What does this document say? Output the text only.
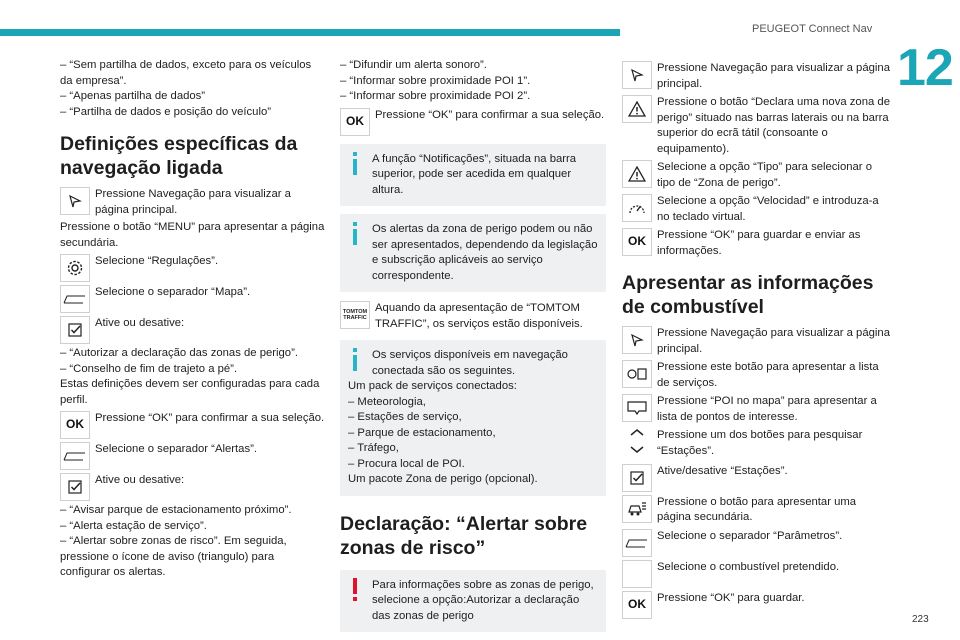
PEUGEOT Connect Nav
12
223

– “Sem partilha de dados, exceto para os veículos da empresa”.

– “Apenas partilha de dados”

– “Partilha de dados e posição do veículo”

Definições específicas da navegação ligada
Pressione Navegação para visualizar a página principal.

Pressione o botão “MENU” para apresentar a página secundária.

Selecione “Regulações”.
Selecione o separador “Mapa”.
Ative ou desative:

– “Autorizar a declaração das zonas de perigo”.

– “Conselho de fim de trajeto a pé”.

Estas definições devem ser configuradas para cada perfil.

OK Pressione “OK” para confirmar a sua seleção.
Selecione o separador “Alertas”.
Ative ou desative:

– “Avisar parque de estacionamento próximo”.

– “Alerta estação de serviço”.

– “Alertar sobre zonas de risco”. Em seguida, pressione o ícone de aviso (triangulo) para configurar os alertas.

– “Difundir um alerta sonoro”.

– “Informar sobre proximidade POI 1”.

– “Informar sobre proximidade POI 2”.

OK Pressione “OK” para confirmar a sua seleção.
A função “Notificações”, situada na barra superior, pode ser acedida em qualquer altura.
Os alertas da zona de perigo podem ou não ser apresentados, dependendo da legislação e subscrição aplicáveis ao serviço correspondente.
TOMTOM TRAFFIC
Aquando da apresentação de “TOMTOM TRAFFIC”, os serviços estão disponíveis.
Os serviços disponíveis em navegação conectada são os seguintes.
Um pack de serviços conectados:
– Meteorologia,
– Estações de serviço,
– Parque de estacionamento,
– Tráfego,
– Procura local de POI.
Um pacote Zona de perigo (opcional).
Declaração: “Alertar sobre zonas de risco”
Para informações sobre as zonas de perigo, selecione a opção:Autorizar a declaração das zonas de perigo
Pressione Navegação para visualizar a página principal.
Pressione o botão “Declara uma nova zona de perigo” situado nas barras laterais ou na barra superior do ecrã tátil (consoante o equipamento).
Selecione a opção “Tipo” para selecionar o tipo de “Zona de perigo”.
Selecione a opção “Velocidad” e introduza-a no teclado virtual.
OK Pressione “OK” para guardar e enviar as informações.
Apresentar as informações de combustível
Pressione Navegação para visualizar a página principal.
Pressione este botão para apresentar a lista de serviços.
Pressione “POI no mapa” para apresentar a lista de pontos de interesse.
Pressione um dos botões para pesquisar “Estações”.
Ative/desative “Estações”.
Pressione o botão para apresentar uma página secundária.
Selecione o separador “Parâmetros”.
Selecione o combustível pretendido.
OK Pressione “OK” para guardar.
